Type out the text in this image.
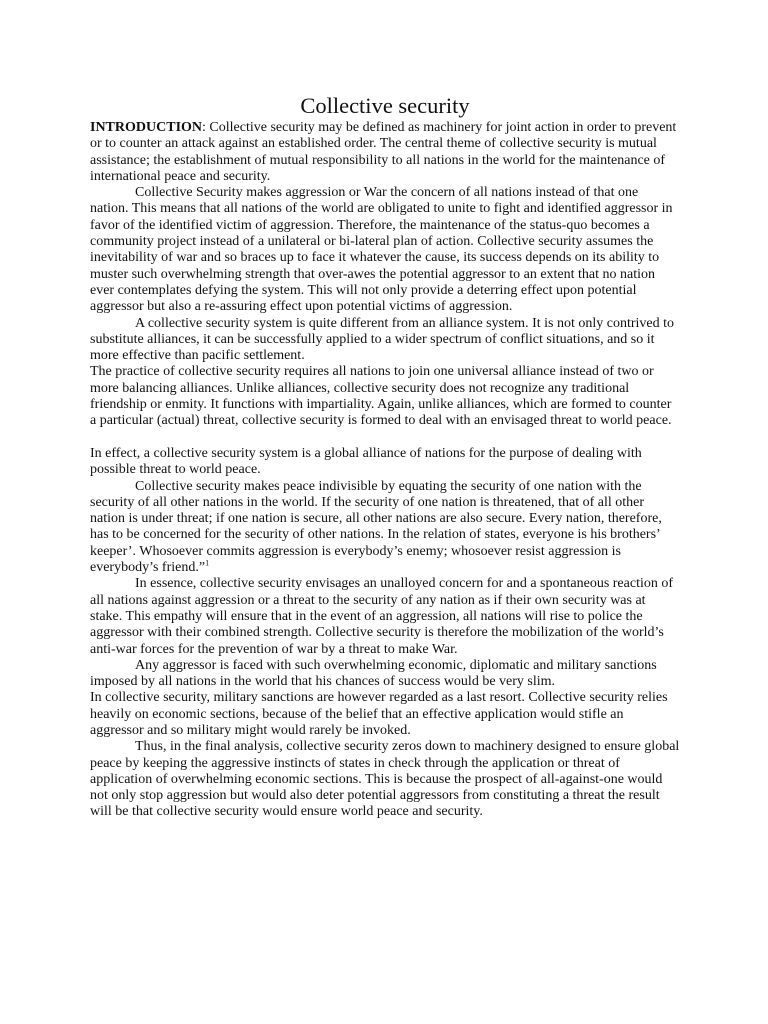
Collective security

INTRODUCTION: Collective security may be defined as machinery for joint action in order to prevent or to counter an attack against an established order. The central theme of collective security is mutual assistance; the establishment of mutual responsibility to all nations in the world for the maintenance of international peace and security.

Collective Security makes aggression or War the concern of all nations instead of that one nation. This means that all nations of the world are obligated to unite to fight and identified aggressor in favor of the identified victim of aggression. Therefore, the maintenance of the status-quo becomes a community project instead of a unilateral or bi-lateral plan of action. Collective security assumes the inevitability of war and so braces up to face it whatever the cause, its success depends on its ability to muster such overwhelming strength that over-awes the potential aggressor to an extent that no nation ever contemplates defying the system. This will not only provide a deterring effect upon potential aggressor but also a re-assuring effect upon potential victims of aggression.

A collective security system is quite different from an alliance system. It is not only contrived to substitute alliances, it can be successfully applied to a wider spectrum of conflict situations, and so it more effective than pacific settlement.

The practice of collective security requires all nations to join one universal alliance instead of two or more balancing alliances. Unlike alliances, collective security does not recognize any traditional friendship or enmity. It functions with impartiality. Again, unlike alliances, which are formed to counter a particular (actual) threat, collective security is formed to deal with an envisaged threat to world peace.

In effect, a collective security system is a global alliance of nations for the purpose of dealing with possible threat to world peace.

Collective security makes peace indivisible by equating the security of one nation with the security of all other nations in the world. If the security of one nation is threatened, that of all other nation is under threat; if one nation is secure, all other nations are also secure. Every nation, therefore, has to be concerned for the security of other nations. In the relation of states, everyone is his brothers’ keeper’. Whosoever commits aggression is everybody’s enemy; whosoever resist aggression is everybody’s friend.”$^1$

In essence, collective security envisages an unalloyed concern for and a spontaneous reaction of all nations against aggression or a threat to the security of any nation as if their own security was at stake. This empathy will ensure that in the event of an aggression, all nations will rise to police the aggressor with their combined strength. Collective security is therefore the mobilization of the world’s anti-war forces for the prevention of war by a threat to make War.

Any aggressor is faced with such overwhelming economic, diplomatic and military sanctions imposed by all nations in the world that his chances of success would be very slim.

In collective security, military sanctions are however regarded as a last resort. Collective security relies heavily on economic sections, because of the belief that an effective application would stifle an aggressor and so military might would rarely be invoked.

Thus, in the final analysis, collective security zeros down to machinery designed to ensure global peace by keeping the aggressive instincts of states in check through the application or threat of application of overwhelming economic sections. This is because the prospect of all-against-one would not only stop aggression but would also deter potential aggressors from constituting a threat the result will be that collective security would ensure world peace and security.
